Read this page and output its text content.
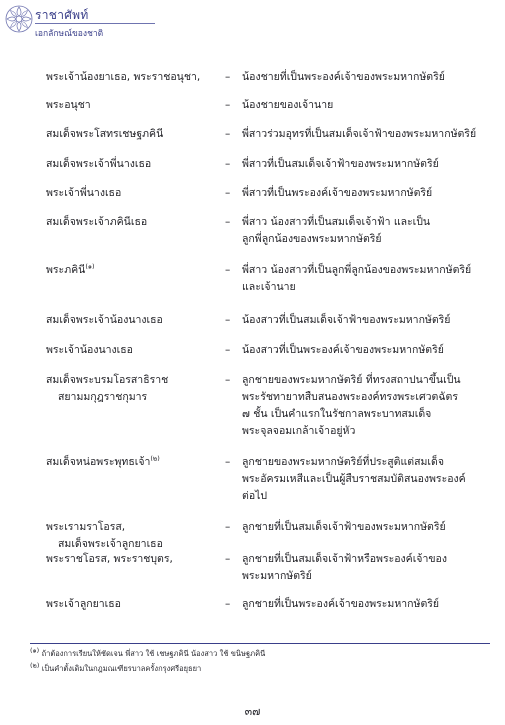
ราชาศัพท์
เอกลักษณ์ของชาติ
พระเจ้าน้องยาเธอ, พระราชอนุชา,	–	น้องชายที่เป็นพระองค์เจ้าของพระมหากษัตริย์
พระอนุชา	–	น้องชายของเจ้านาย
สมเด็จพระโสทรเชษฐภคินี	–	พี่สาวร่วมอุทรที่เป็นสมเด็จเจ้าฟ้าของพระมหากษัตริย์
สมเด็จพระเจ้าพี่นางเธอ	–	พี่สาวที่เป็นสมเด็จเจ้าฟ้าของพระมหากษัตริย์
พระเจ้าพี่นางเธอ	–	พี่สาวที่เป็นพระองค์เจ้าของพระมหากษัตริย์
สมเด็จพระเจ้าภคินีเธอ	–	พี่สาว น้องสาวที่เป็นสมเด็จเจ้าฟ้า และเป็น
ลูกพี่ลูกน้องของพระมหากษัตริย์
พระภคินี$^{(๑)}$	–	พี่สาว น้องสาวที่เป็นลูกพี่ลูกน้องของพระมหากษัตริย์
และเจ้านาย
สมเด็จพระเจ้าน้องนางเธอ	–	น้องสาวที่เป็นสมเด็จเจ้าฟ้าของพระมหากษัตริย์
พระเจ้าน้องนางเธอ	–	น้องสาวที่เป็นพระองค์เจ้าของพระมหากษัตริย์
สมเด็จพระบรมโอรสาธิราช
สยามมกุฎราชกุมาร
–	ลูกชายของพระมหากษัตริย์ ที่ทรงสถาปนาขึ้นเป็น
พระรัชทายาทสืบสนองพระองค์ทรงพระเศวตฉัตร
๗ ชั้น เป็นคำแรกในรัชกาลพระบาทสมเด็จ
พระจุลจอมเกล้าเจ้าอยู่หัว
สมเด็จหน่อพระพุทธเจ้า$^{(๒)}$	–	ลูกชายของพระมหากษัตริย์ที่ประสูติแต่สมเด็จ
พระอัครมเหสีและเป็นผู้สืบราชสมบัติสนองพระองค์
ต่อไป
พระเรามราโอรส,
สมเด็จพระเจ้าลูกยาเธอ
–	ลูกชายที่เป็นสมเด็จเจ้าฟ้าของพระมหากษัตริย์
พระราชโอรส, พระราชบุตร,	–	ลูกชายที่เป็นสมเด็จเจ้าฟ้าหรือพระองค์เจ้าของ
พระมหากษัตริย์
พระเจ้าลูกยาเธอ	–	ลูกชายที่เป็นพระองค์เจ้าของพระมหากษัตริย์
(๑) ถ้าต้องการเรียนให้ชัดเจน พี่สาว ใช้ เชษฐภคินี น้องสาว ใช้ ขนิษฐภคินี
(๒) เป็นคำตั้งเดิมในกฎมณเฑียรบาลครั้งกรุงศรีอยุธยา
๓๗
